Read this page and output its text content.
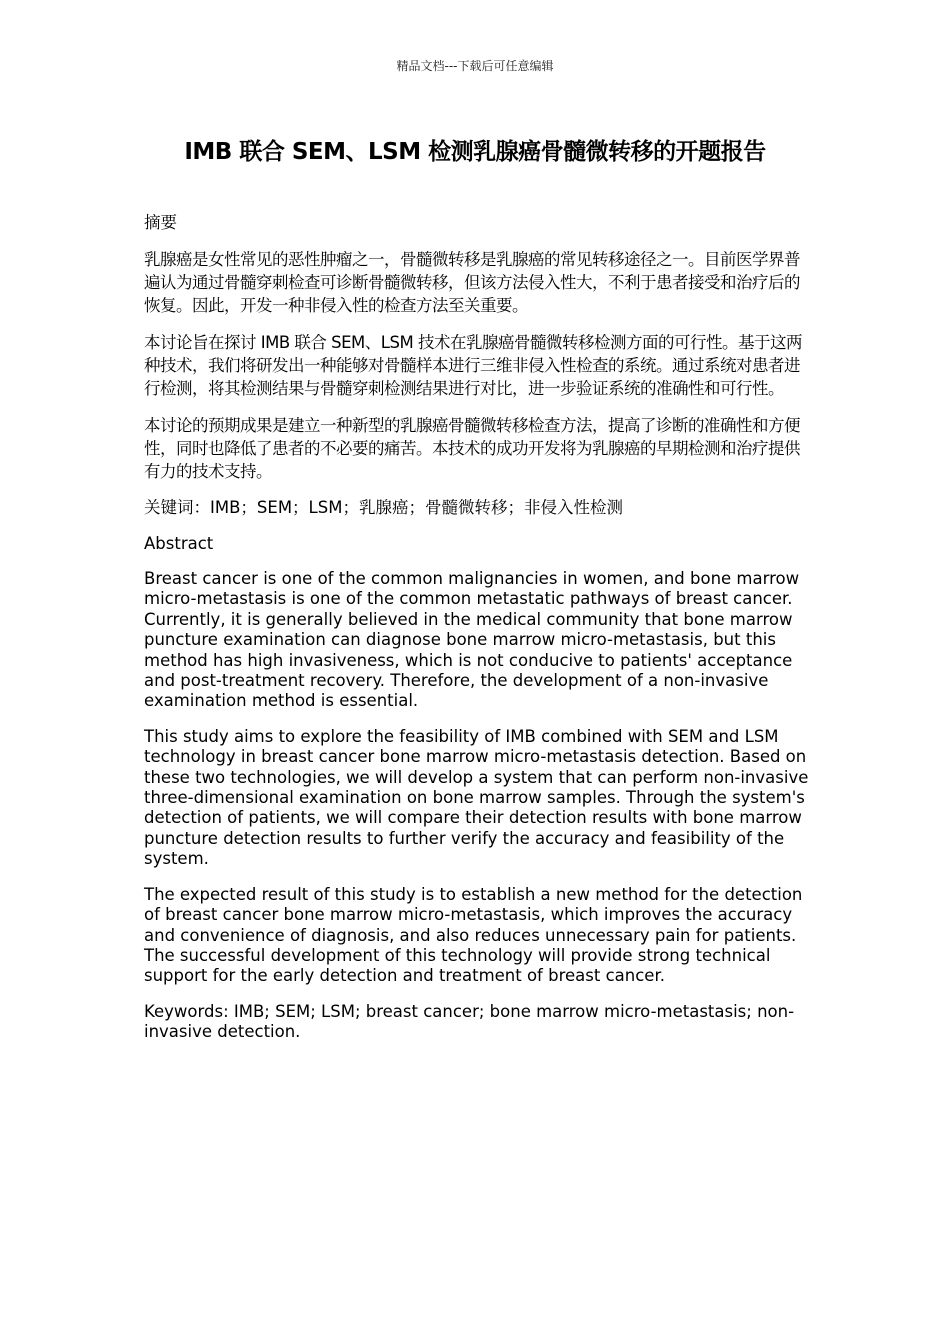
精品文档---下载后可任意编辑
IMB 联合 SEM、LSM 检测乳腺癌骨髓微转移的开题报告

摘要

乳腺癌是女性常见的恶性肿瘤之一，骨髓微转移是乳腺癌的常见转移途径之一。目前医学界普遍认为通过骨髓穿刺检查可诊断骨髓微转移，但该方法侵入性大，不利于患者接受和治疗后的恢复。因此，开发一种非侵入性的检查方法至关重要。

本讨论旨在探讨 IMB 联合 SEM、LSM 技术在乳腺癌骨髓微转移检测方面的可行性。基于这两种技术，我们将研发出一种能够对骨髓样本进行三维非侵入性检查的系统。通过系统对患者进行检测，将其检测结果与骨髓穿刺检测结果进行对比，进一步验证系统的准确性和可行性。

本讨论的预期成果是建立一种新型的乳腺癌骨髓微转移检查方法，提高了诊断的准确性和方便性，同时也降低了患者的不必要的痛苦。本技术的成功开发将为乳腺癌的早期检测和治疗提供有力的技术支持。

关键词：IMB；SEM；LSM；乳腺癌；骨髓微转移；非侵入性检测

Abstract

Breast cancer is one of the common malignancies in women, and bone marrow micro-metastasis is one of the common metastatic pathways of breast cancer. Currently, it is generally believed in the medical community that bone marrow puncture examination can diagnose bone marrow micro-metastasis, but this method has high invasiveness, which is not conducive to patients' acceptance and post-treatment recovery. Therefore, the development of a non-invasive examination method is essential.

This study aims to explore the feasibility of IMB combined with SEM and LSM technology in breast cancer bone marrow micro-metastasis detection. Based on these two technologies, we will develop a system that can perform non-invasive three-dimensional examination on bone marrow samples. Through the system's detection of patients, we will compare their detection results with bone marrow puncture detection results to further verify the accuracy and feasibility of the system.

The expected result of this study is to establish a new method for the detection of breast cancer bone marrow micro-metastasis, which improves the accuracy and convenience of diagnosis, and also reduces unnecessary pain for patients. The successful development of this technology will provide strong technical support for the early detection and treatment of breast cancer.

Keywords: IMB; SEM; LSM; breast cancer; bone marrow micro-metastasis; non-invasive detection.
